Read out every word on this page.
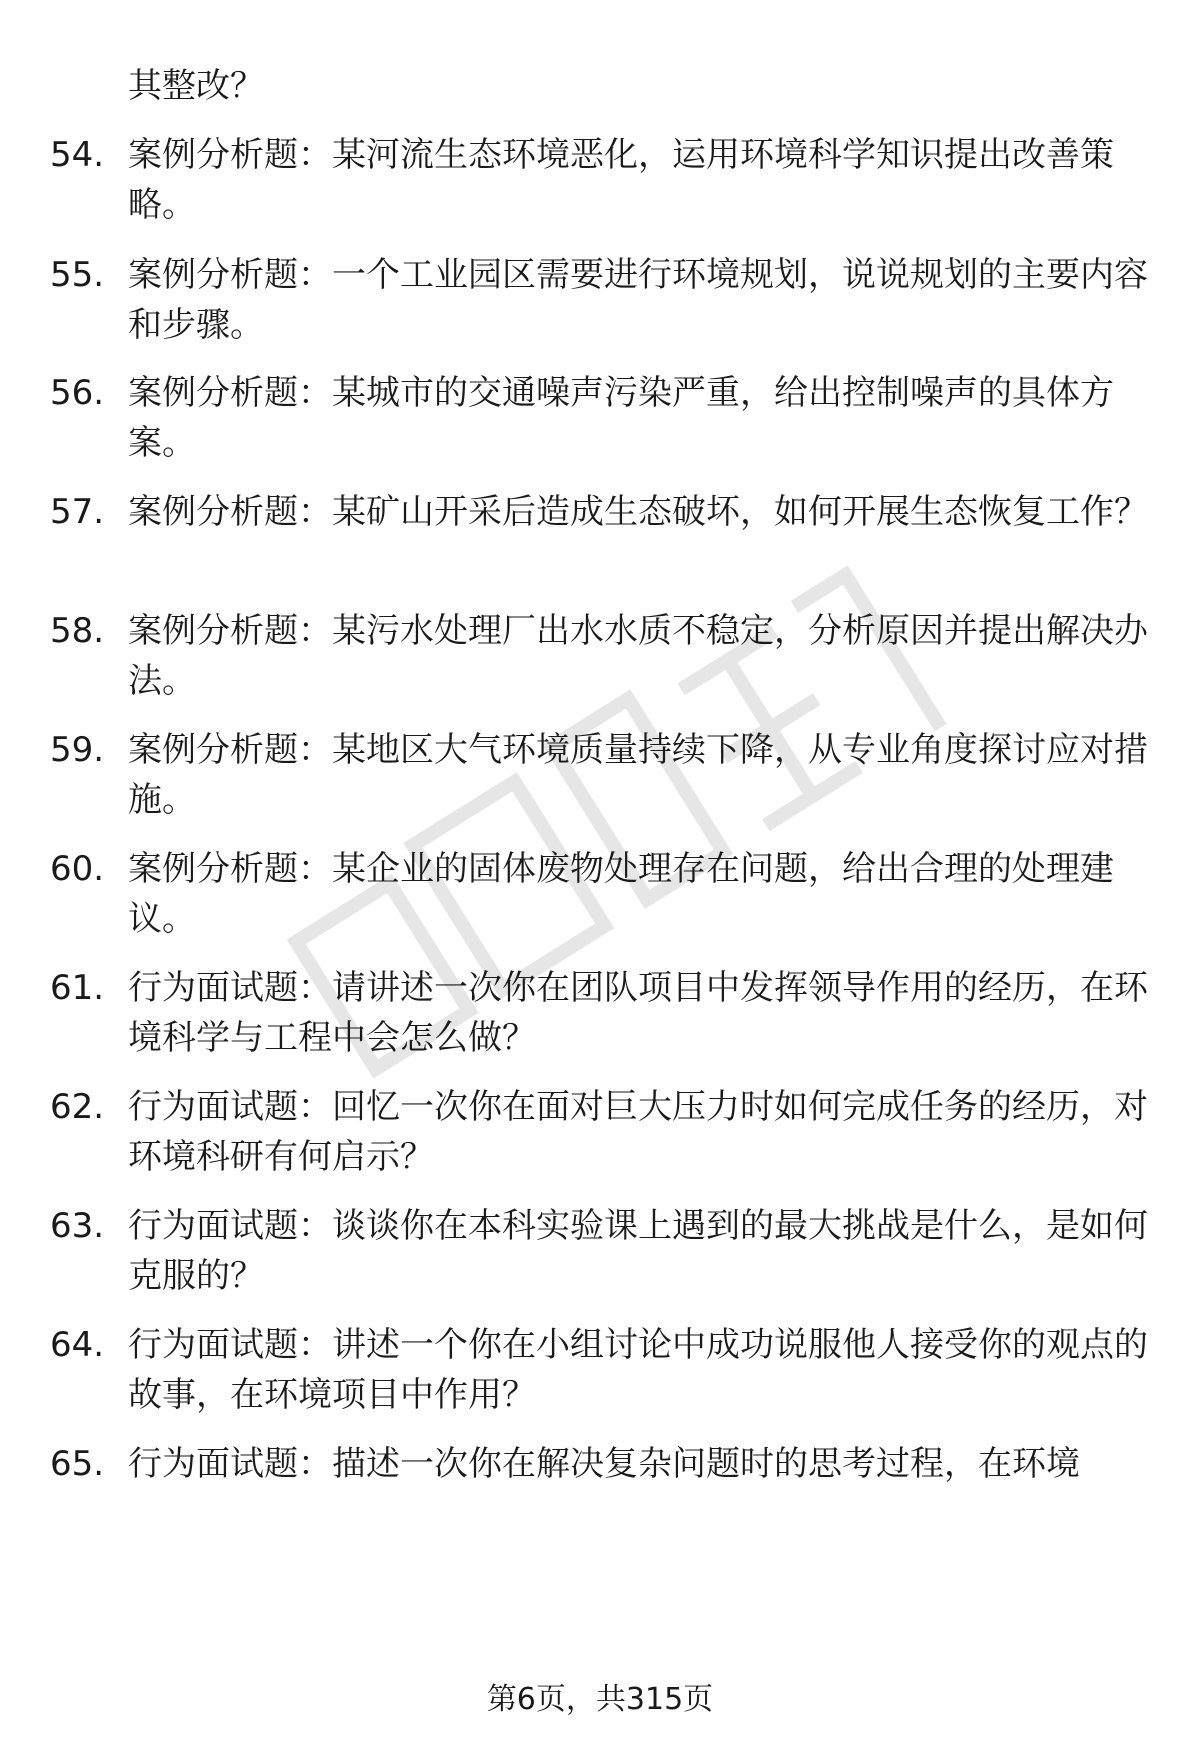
其整改？

54. 案例分析题：某河流生态环境恶化，运用环境科学知识提出改善策略。
55. 案例分析题：一个工业园区需要进行环境规划，说说规划的主要内容和步骤。
56. 案例分析题：某城市的交通噪声污染严重，给出控制噪声的具体方案。
57. 案例分析题：某矿山开采后造成生态破坏，如何开展生态恢复工作？
58. 案例分析题：某污水处理厂出水水质不稳定，分析原因并提出解决办法。
59. 案例分析题：某地区大气环境质量持续下降，从专业角度探讨应对措施。
60. 案例分析题：某企业的固体废物处理存在问题，给出合理的处理建议。
61. 行为面试题：请讲述一次你在团队项目中发挥领导作用的经历，在环境科学与工程中会怎么做？
62. 行为面试题：回忆一次你在面对巨大压力时如何完成任务的经历，对环境科研有何启示？
63. 行为面试题：谈谈你在本科实验课上遇到的最大挑战是什么，是如何克服的？
64. 行为面试题：讲述一个你在小组讨论中成功说服他人接受你的观点的故事，在环境项目中作用？
65. 行为面试题：描述一次你在解决复杂问题时的思考过程，在环境

第6页，共315页
